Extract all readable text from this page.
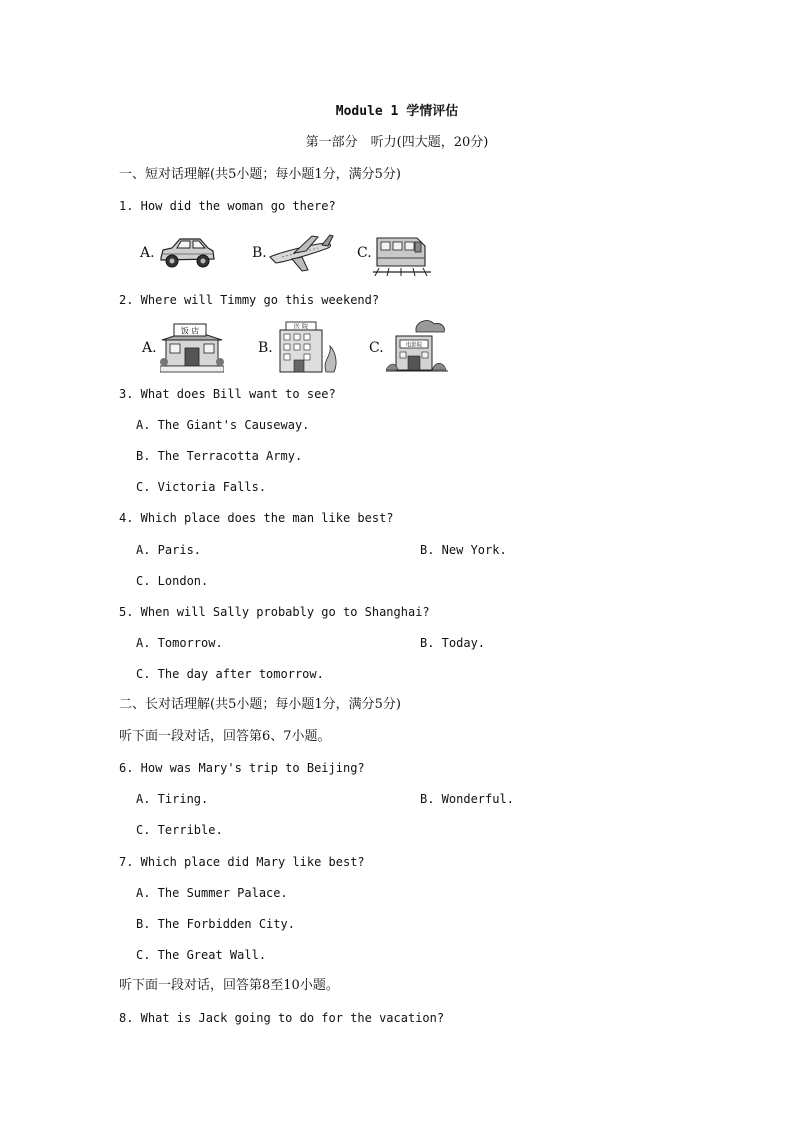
Module 1 学情评估
第一部分　听力(四大题，20分)
一、短对话理解(共5小题；每小题1分，满分5分)
1. How did the woman go there?
A.	B.	C.
2. Where will Timmy go this weekend?
A.
饭 店
B.
医 院
C.	电影院
3. What does Bill want to see?
A. The Giant's Causeway.
B. The Terracotta Army.
C. Victoria Falls.
4. Which place does the man like best?
A. Paris.	B. New York.
C. London.
5. When will Sally probably go to Shanghai?
A. Tomorrow.	B. Today.
C. The day after tomorrow.
二、长对话理解(共5小题；每小题1分，满分5分)
听下面一段对话，回答第6、7小题。
6. How was Mary's trip to Beijing?
A. Tiring.	B. Wonderful.
C. Terrible.
7. Which place did Mary like best?
A. The Summer Palace.
B. The Forbidden City.
C. The Great Wall.
听下面一段对话，回答第8至10小题。
8. What is Jack going to do for the vacation?
